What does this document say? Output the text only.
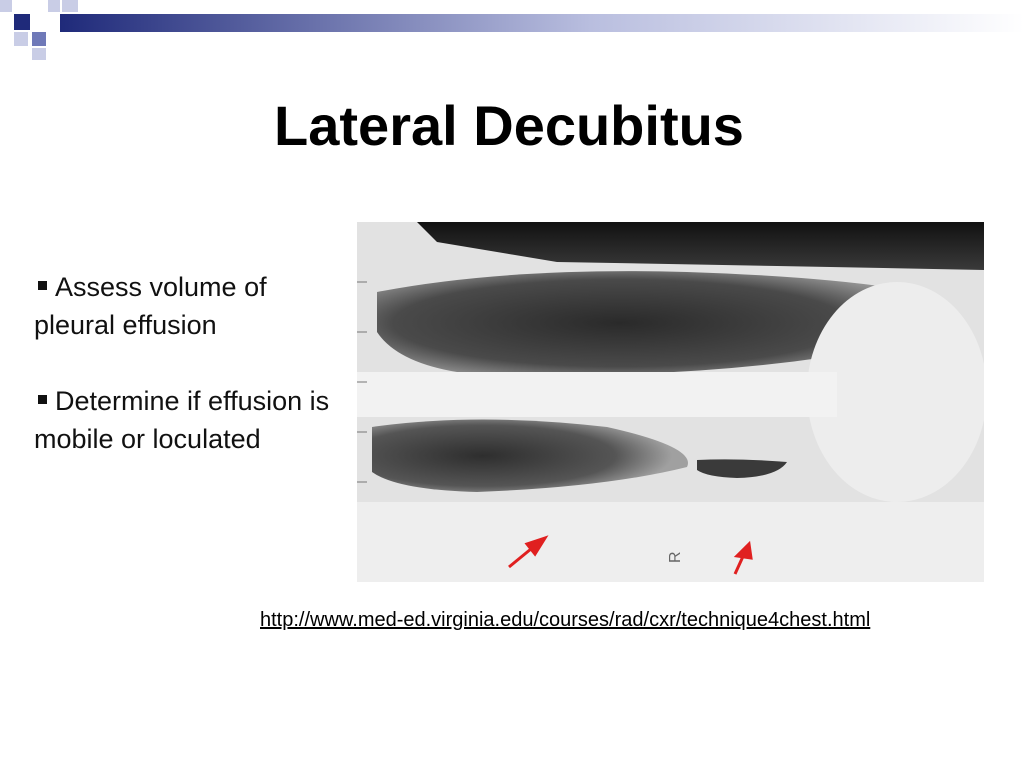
Lateral Decubitus
Assess volume of pleural effusion
Determine if effusion is mobile or loculated
R
http://www.med-ed.virginia.edu/courses/rad/cxr/technique4chest.html
